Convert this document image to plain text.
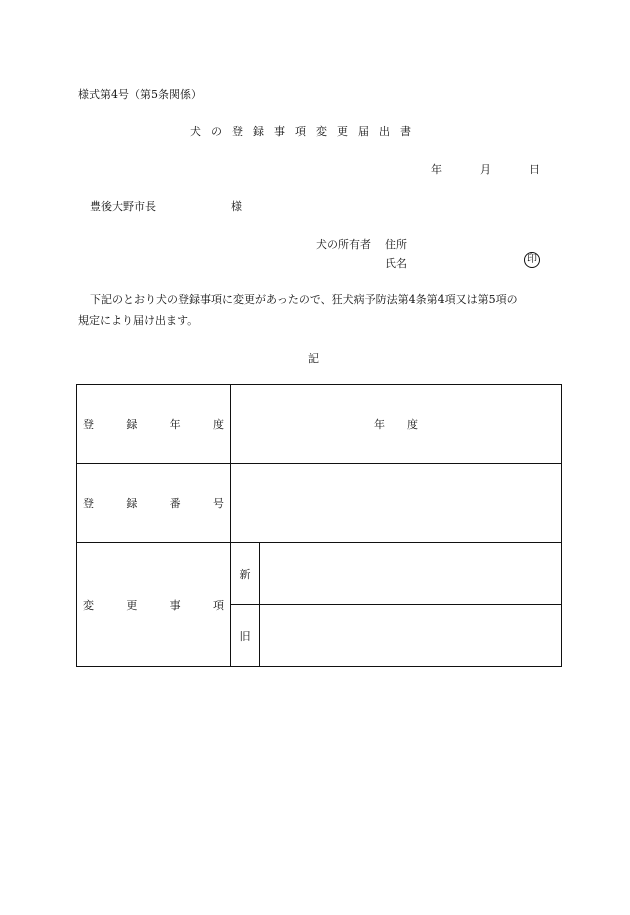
様式第4号（第5条関係）
犬の登録事項変更届出書
年	月	日
豊後大野市長	様
犬の所有者 住所
氏名	印
下記のとおり犬の登録事項に変更があったので、狂犬病予防法第4条第4項又は第5項の
規定により届け出ます。
記
登 録 年 度	年度	

登 録 番 号		

変 更 事 項	新	
	旧	
